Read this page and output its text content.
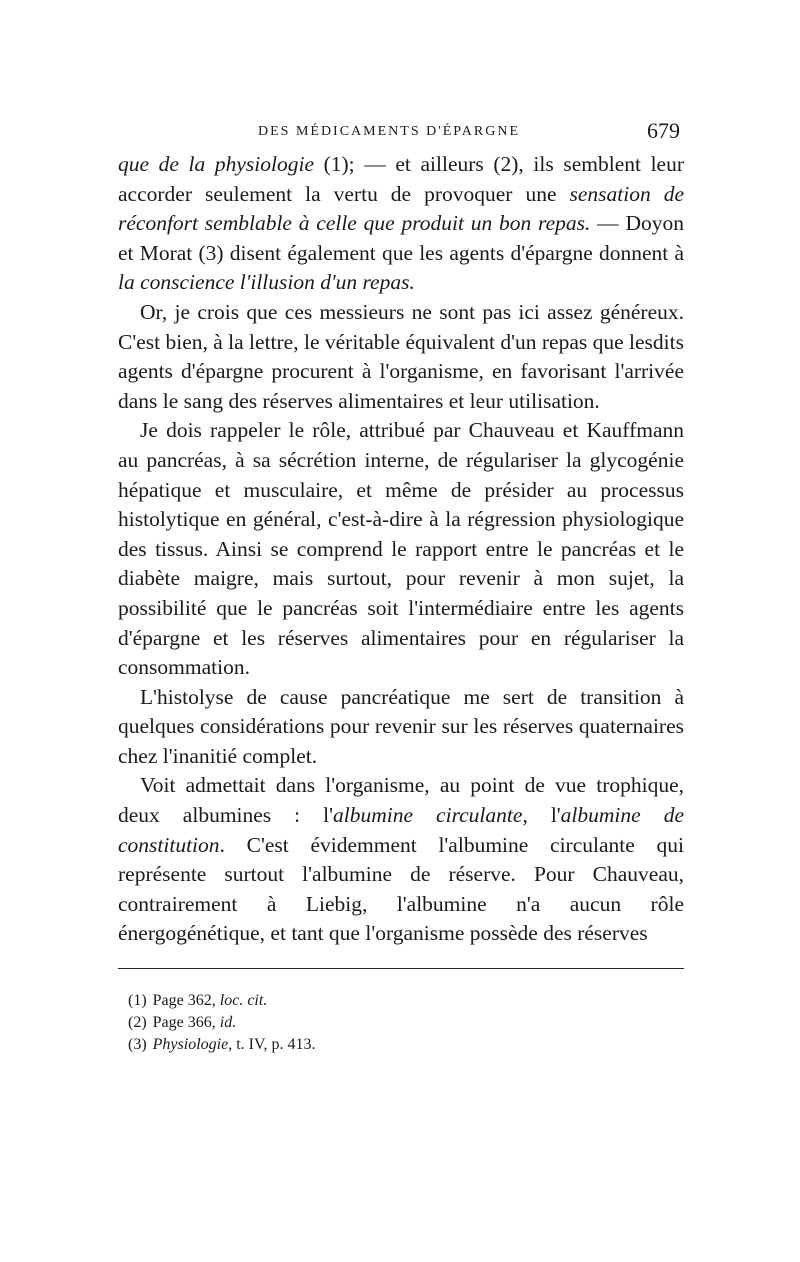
DES MÉDICAMENTS D'ÉPARGNE	679

que de la physiologie (1); — et ailleurs (2), ils semblent leur accorder seulement la vertu de provoquer une sensation de réconfort semblable à celle que produit un bon repas. — Doyon et Morat (3) disent également que les agents d'épargne donnent à la conscience l'illusion d'un repas.

Or, je crois que ces messieurs ne sont pas ici assez généreux. C'est bien, à la lettre, le véritable équivalent d'un repas que lesdits agents d'épargne procurent à l'organisme, en favorisant l'arrivée dans le sang des réserves alimentaires et leur utilisation.

Je dois rappeler le rôle, attribué par Chauveau et Kauffmann au pancréas, à sa sécrétion interne, de régulariser la glycogénie hépatique et musculaire, et même de présider au processus histolytique en général, c'est-à-dire à la régression physiologique des tissus. Ainsi se comprend le rapport entre le pancréas et le diabète maigre, mais surtout, pour revenir à mon sujet, la possibilité que le pancréas soit l'intermédiaire entre les agents d'épargne et les réserves alimentaires pour en régulariser la consommation.

L'histolyse de cause pancréatique me sert de transition à quelques considérations pour revenir sur les réserves quaternaires chez l'inanitié complet.

Voit admettait dans l'organisme, au point de vue trophique, deux albumines : l'albumine circulante, l'albumine de constitution. C'est évidemment l'albumine circulante qui représente surtout l'albumine de réserve. Pour Chauveau, contrairement à Liebig, l'albumine n'a aucun rôle énergogénétique, et tant que l'organisme possède des réserves

(1) Page 362, loc. cit.
(2) Page 366, id.
(3) Physiologie, t. IV, p. 413.
